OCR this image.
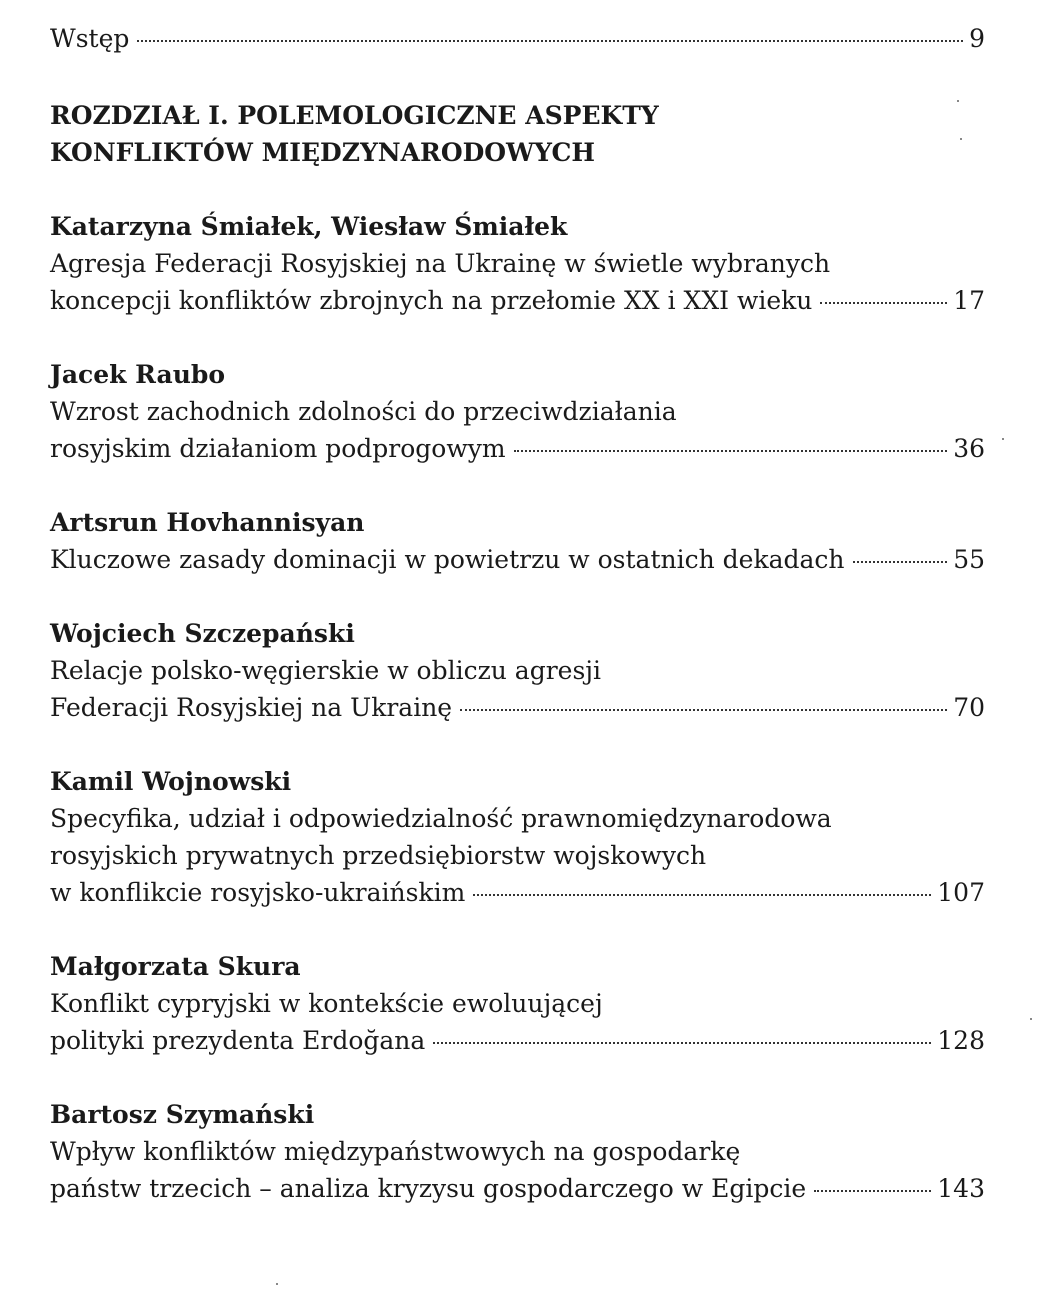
Wstęp	9
ROZDZIAŁ I. POLEMOLOGICZNE ASPEKTY
KONFLIKTÓW MIĘDZYNARODOWYCH
Katarzyna Śmiałek, Wiesław Śmiałek
Agresja Federacji Rosyjskiej na Ukrainę w świetle wybranych
koncepcji konfliktów zbrojnych na przełomie XX i XXI wieku	17
Jacek Raubo
Wzrost zachodnich zdolności do przeciwdziałania
rosyjskim działaniom podprogowym	36
Artsrun Hovhannisyan
Kluczowe zasady dominacji w powietrzu w ostatnich dekadach	55
Wojciech Szczepański
Relacje polsko-węgierskie w obliczu agresji
Federacji Rosyjskiej na Ukrainę	70
Kamil Wojnowski
Specyfika, udział i odpowiedzialność prawnomiędzynarodowa
rosyjskich prywatnych przedsiębiorstw wojskowych
w konflikcie rosyjsko-ukraińskim	107
Małgorzata Skura
Konflikt cypryjski w kontekście ewoluującej
polityki prezydenta Erdoğana	128
Bartosz Szymański
Wpływ konfliktów międzypaństwowych na gospodarkę
państw trzecich – analiza kryzysu gospodarczego w Egipcie	143
